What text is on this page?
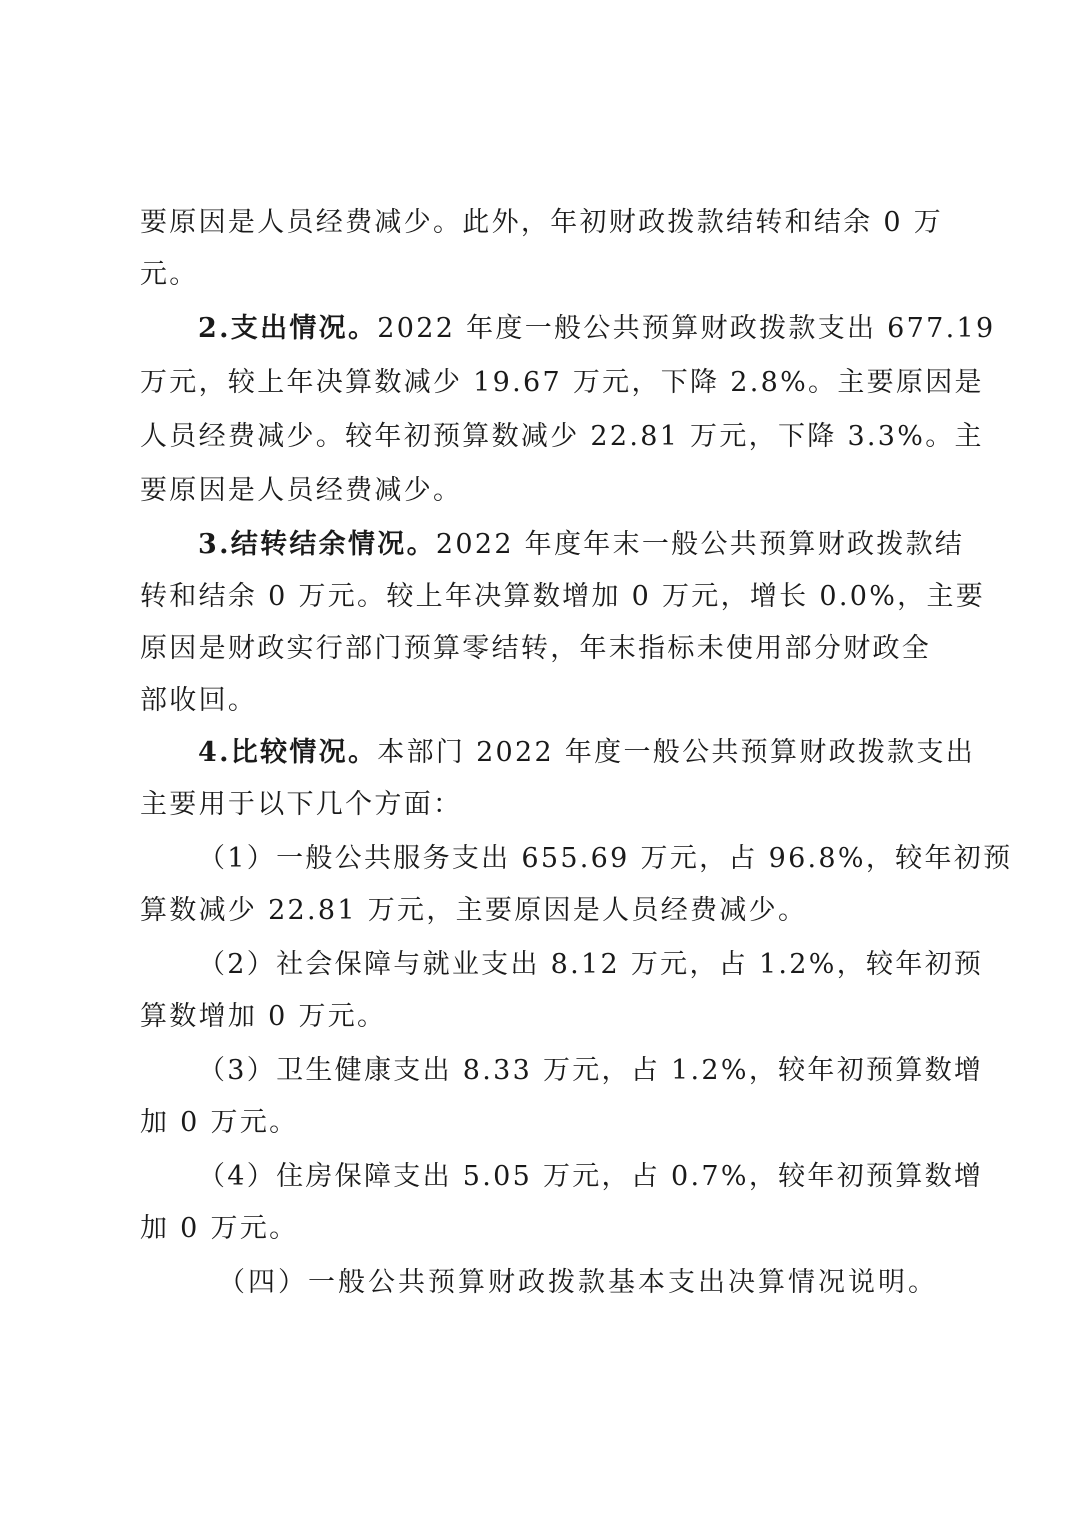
要原因是人员经费减少。此外，年初财政拨款结转和结余 0 万
元。
2.支出情况。2022 年度一般公共预算财政拨款支出 677.19
万元，较上年决算数减少 19.67 万元，下降 2.8%。主要原因是
人员经费减少。较年初预算数减少 22.81 万元，下降 3.3%。主
要原因是人员经费减少。
3.结转结余情况。2022 年度年末一般公共预算财政拨款结
转和结余 0 万元。较上年决算数增加 0 万元，增长 0.0%，主要
原因是财政实行部门预算零结转，年末指标未使用部分财政全
部收回。
4.比较情况。本部门 2022 年度一般公共预算财政拨款支出
主要用于以下几个方面：
（1）一般公共服务支出 655.69 万元，占 96.8%，较年初预
算数减少 22.81 万元，主要原因是人员经费减少。
（2）社会保障与就业支出 8.12 万元，占 1.2%，较年初预
算数增加 0 万元。
（3）卫生健康支出 8.33 万元，占 1.2%，较年初预算数增
加 0 万元。
（4）住房保障支出 5.05 万元，占 0.7%，较年初预算数增
加 0 万元。
（四）一般公共预算财政拨款基本支出决算情况说明。
